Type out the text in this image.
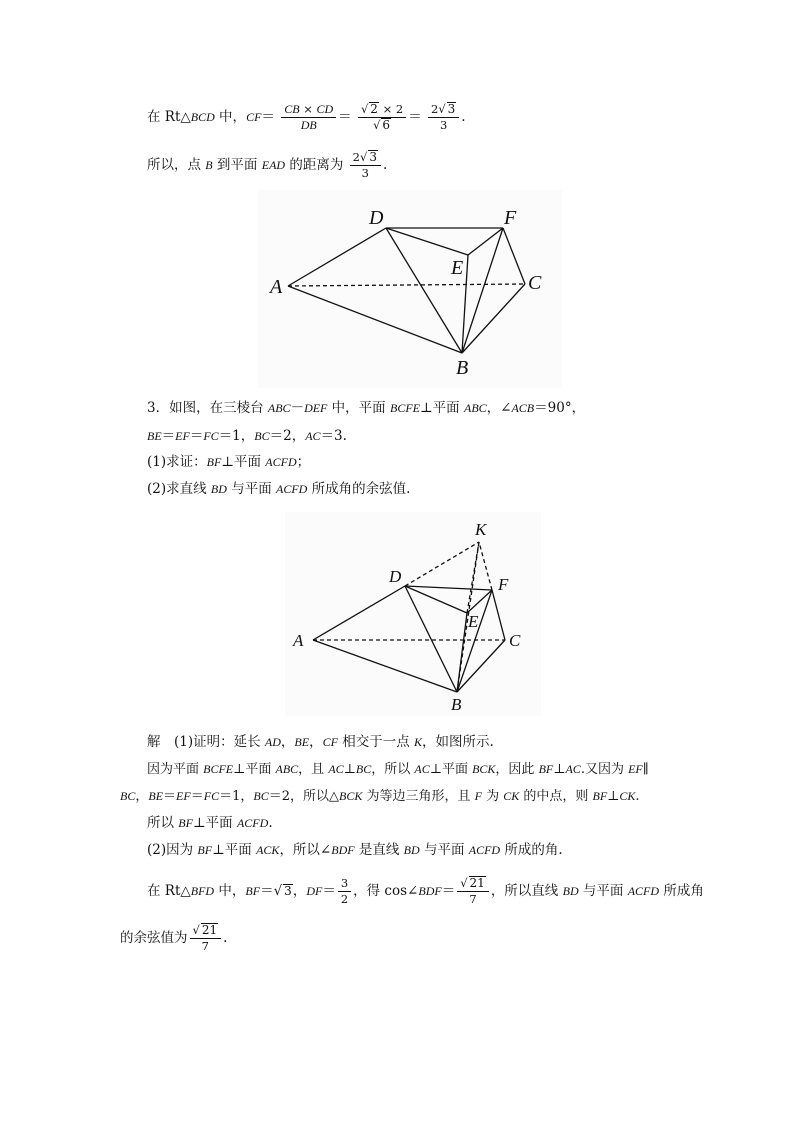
在 Rt△BCD 中，$CF= \frac{CB \times CD}{DB} = \frac{√ 2 \times 2}{√ 6} = \frac{2√ 3}{3}$ .
所以，点 B 到平面 EAD 的距离为 $\frac{2√ 3}{3}$ .
D	F
E
A	C
B
3．如图，在三棱台 ABC－DEF 中，平面 BCFE⊥平面 ABC，∠ACB＝90°，
BE＝EF＝FC＝1，BC＝2，AC＝3.
(1)求证：BF⊥平面 ACFD；
(2)求直线 BD 与平面 ACFD 所成角的余弦值.
K
D	F
E
A	C
B
解　(1)证明：延长 AD，BE，CF 相交于一点 K，如图所示.
因为平面 BCFE⊥平面 ABC，且 AC⊥BC，所以 AC⊥平面 BCK，因此 BF⊥AC.又因为 EF∥
BC，BE＝EF＝FC＝1，BC＝2，所以△BCK 为等边三角形，且 F 为 CK 的中点，则 BF⊥CK.
所以 BF⊥平面 ACFD.
(2)因为 BF⊥平面 ACK，所以∠BDF 是直线 BD 与平面 ACFD 所成的角.
在 Rt△BFD 中，BF＝√ 3，$DF= \frac{3}{2}$ ，得 cos∠BDF＝ $\frac{√ 21}{7}$ ，所以直线 BD 与平面 ACFD 所成角
的余弦值为 $\frac{√ 21}{7}$ .
